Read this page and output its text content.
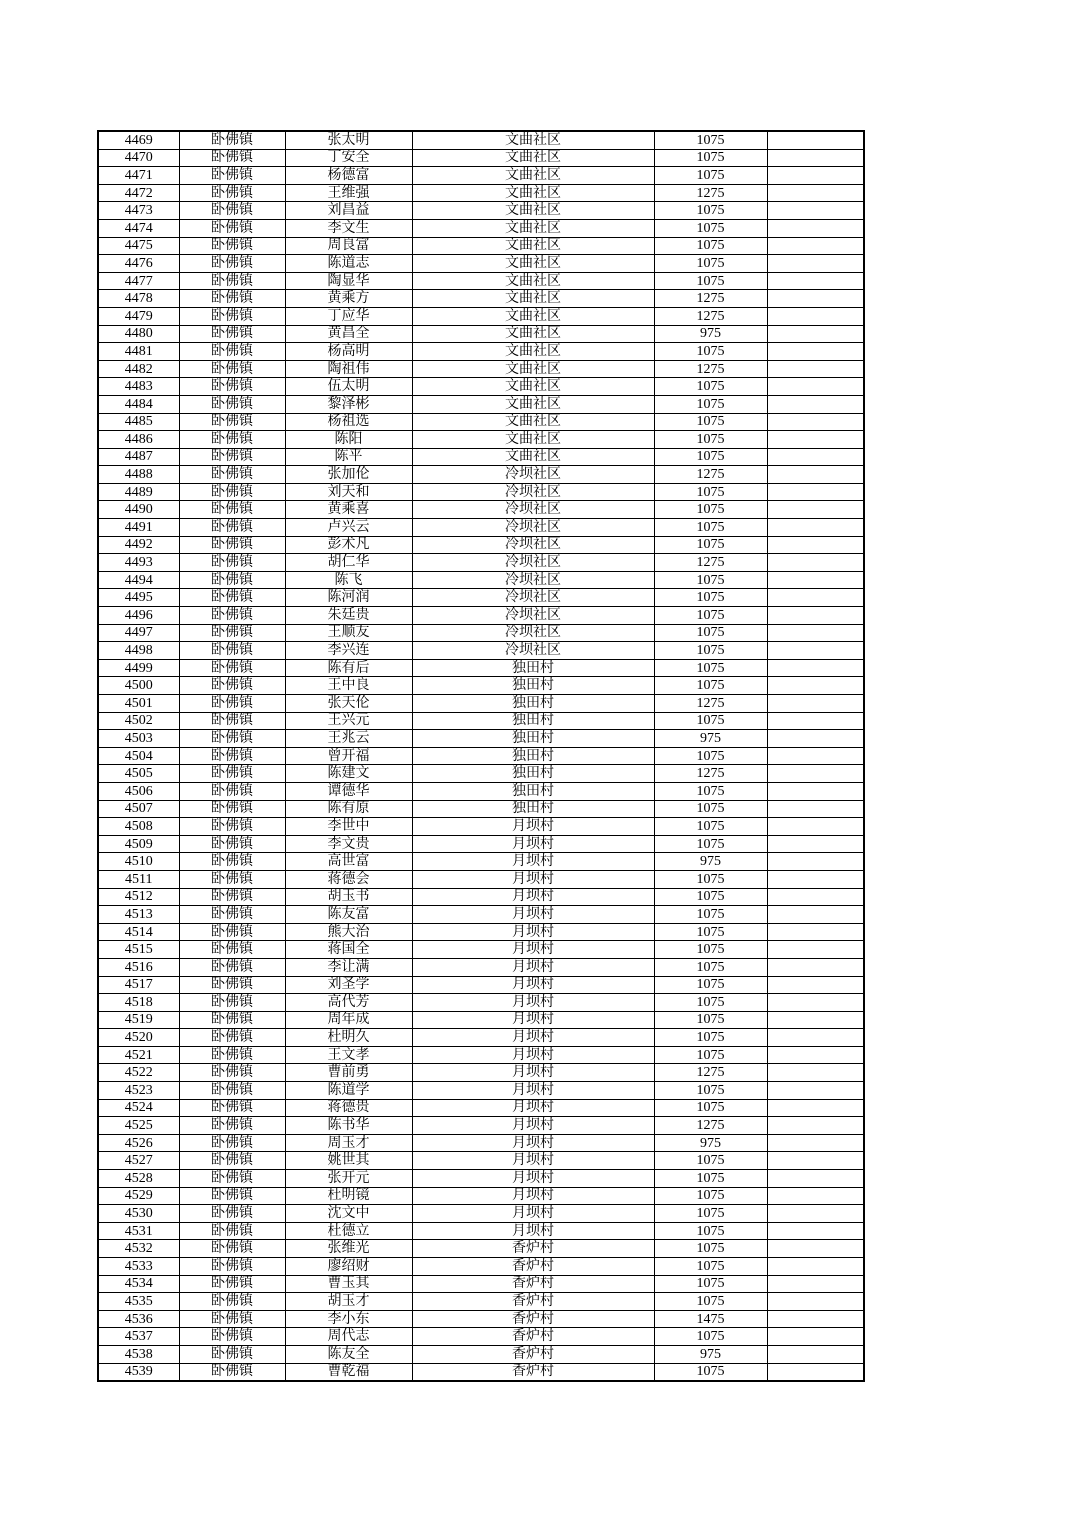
4469	卧佛镇	张太明	文曲社区	1075	
4470	卧佛镇	丁安全	文曲社区	1075	
4471	卧佛镇	杨德富	文曲社区	1075	
4472	卧佛镇	王维强	文曲社区	1275	
4473	卧佛镇	刘昌益	文曲社区	1075	
4474	卧佛镇	李文生	文曲社区	1075	
4475	卧佛镇	周良富	文曲社区	1075	
4476	卧佛镇	陈道志	文曲社区	1075	
4477	卧佛镇	陶显华	文曲社区	1075	
4478	卧佛镇	黄乘方	文曲社区	1275	
4479	卧佛镇	丁应华	文曲社区	1275	
4480	卧佛镇	黄昌全	文曲社区	975	
4481	卧佛镇	杨高明	文曲社区	1075	
4482	卧佛镇	陶祖伟	文曲社区	1275	
4483	卧佛镇	伍太明	文曲社区	1075	
4484	卧佛镇	黎泽彬	文曲社区	1075	
4485	卧佛镇	杨祖选	文曲社区	1075	
4486	卧佛镇	陈阳	文曲社区	1075	
4487	卧佛镇	陈平	文曲社区	1075	
4488	卧佛镇	张加伦	冷坝社区	1275	
4489	卧佛镇	刘天和	冷坝社区	1075	
4490	卧佛镇	黄乘喜	冷坝社区	1075	
4491	卧佛镇	卢兴云	冷坝社区	1075	
4492	卧佛镇	彭术凡	冷坝社区	1075	
4493	卧佛镇	胡仁华	冷坝社区	1275	
4494	卧佛镇	陈飞	冷坝社区	1075	
4495	卧佛镇	陈河润	冷坝社区	1075	
4496	卧佛镇	朱廷贵	冷坝社区	1075	
4497	卧佛镇	王顺友	冷坝社区	1075	
4498	卧佛镇	李兴连	冷坝社区	1075	
4499	卧佛镇	陈有后	独田村	1075	
4500	卧佛镇	王中良	独田村	1075	
4501	卧佛镇	张天伦	独田村	1275	
4502	卧佛镇	王兴元	独田村	1075	
4503	卧佛镇	王兆云	独田村	975	
4504	卧佛镇	曾开福	独田村	1075	
4505	卧佛镇	陈建文	独田村	1275	
4506	卧佛镇	谭德华	独田村	1075	
4507	卧佛镇	陈有原	独田村	1075	
4508	卧佛镇	李世中	月坝村	1075	
4509	卧佛镇	李文贵	月坝村	1075	
4510	卧佛镇	高世富	月坝村	975	
4511	卧佛镇	蒋德会	月坝村	1075	
4512	卧佛镇	胡玉书	月坝村	1075	
4513	卧佛镇	陈友富	月坝村	1075	
4514	卧佛镇	熊大治	月坝村	1075	
4515	卧佛镇	蒋国全	月坝村	1075	
4516	卧佛镇	李让满	月坝村	1075	
4517	卧佛镇	刘圣学	月坝村	1075	
4518	卧佛镇	高代芳	月坝村	1075	
4519	卧佛镇	周年成	月坝村	1075	
4520	卧佛镇	杜明久	月坝村	1075	
4521	卧佛镇	王文孝	月坝村	1075	
4522	卧佛镇	曹前勇	月坝村	1275	
4523	卧佛镇	陈道学	月坝村	1075	
4524	卧佛镇	蒋德贵	月坝村	1075	
4525	卧佛镇	陈书华	月坝村	1275	
4526	卧佛镇	周玉才	月坝村	975	
4527	卧佛镇	姚世其	月坝村	1075	
4528	卧佛镇	张开元	月坝村	1075	
4529	卧佛镇	杜明镜	月坝村	1075	
4530	卧佛镇	沈文中	月坝村	1075	
4531	卧佛镇	杜德立	月坝村	1075	
4532	卧佛镇	张维光	香炉村	1075	
4533	卧佛镇	廖绍财	香炉村	1075	
4534	卧佛镇	曹玉其	香炉村	1075	
4535	卧佛镇	胡玉才	香炉村	1075	
4536	卧佛镇	李小东	香炉村	1475	
4537	卧佛镇	周代志	香炉村	1075	
4538	卧佛镇	陈友全	香炉村	975	
4539	卧佛镇	曹乾福	香炉村	1075	
